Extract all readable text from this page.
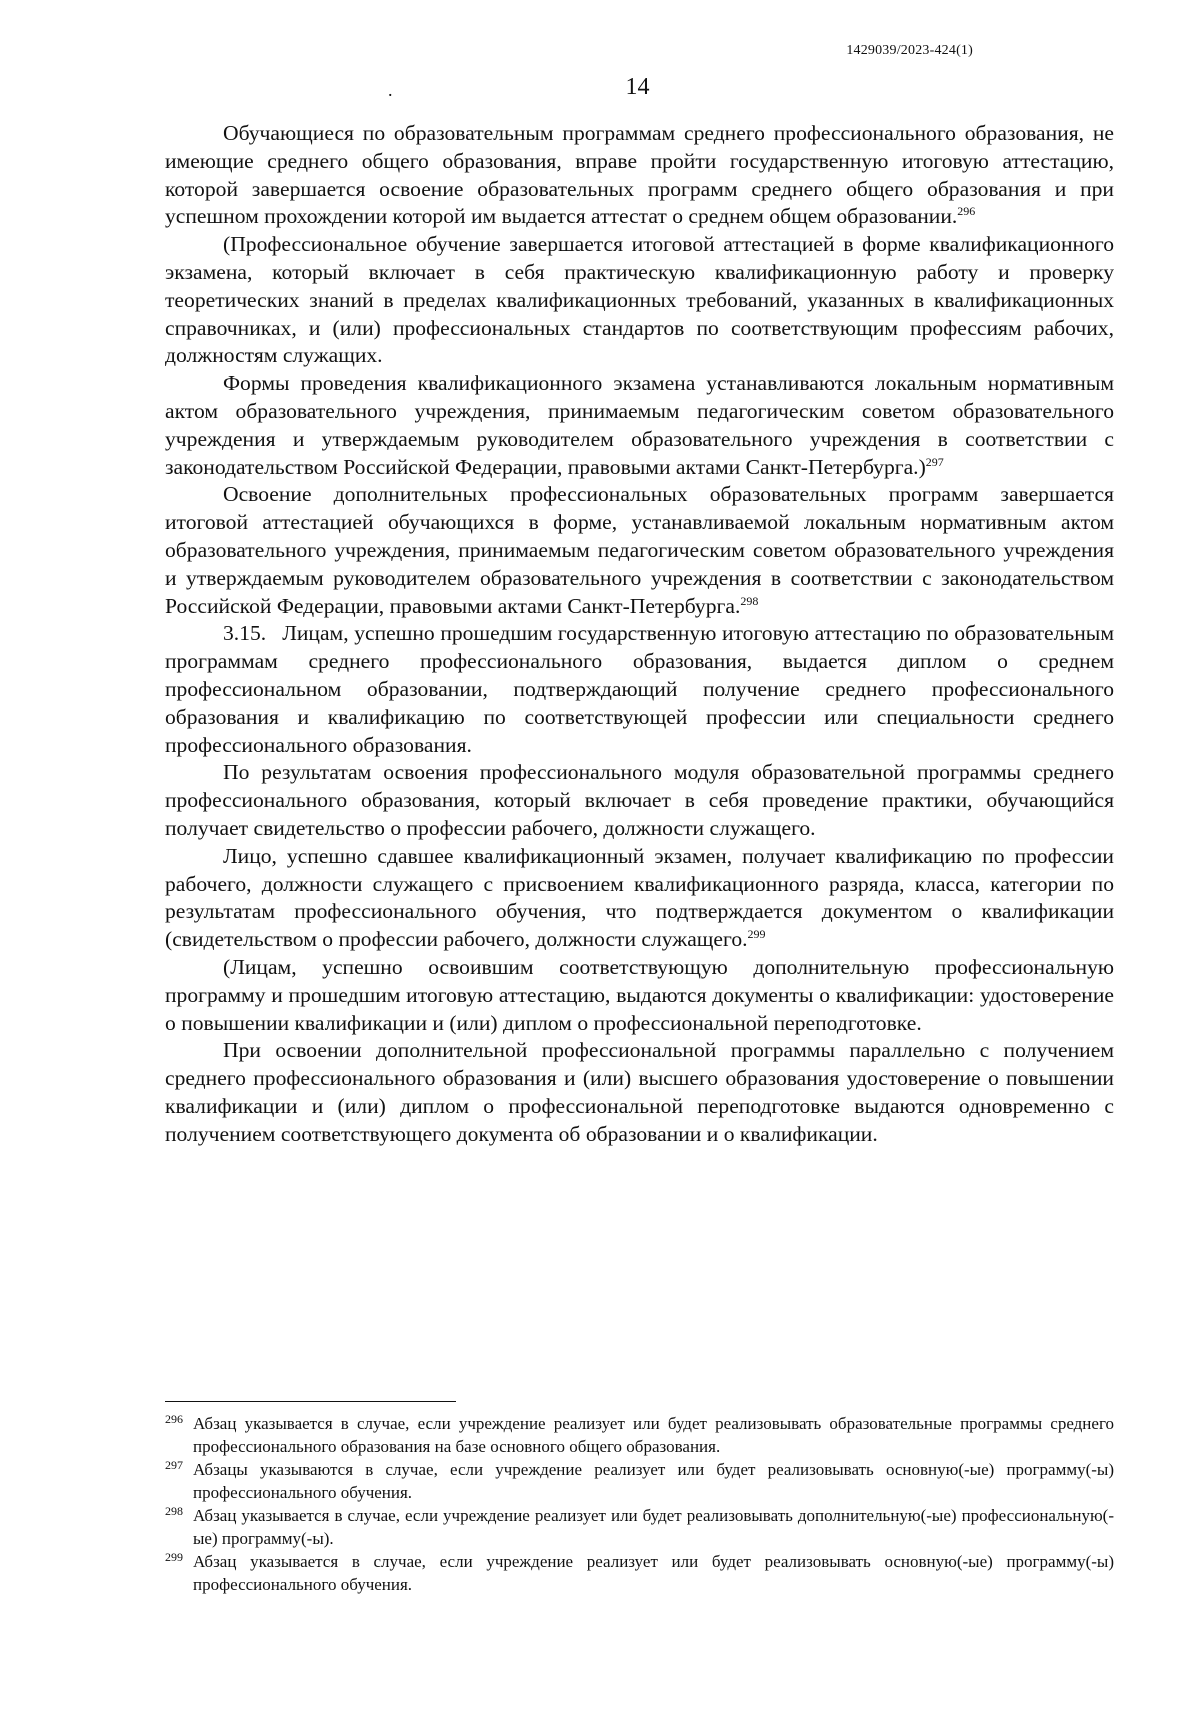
1429039/2023-424(1)
.	14

Обучающиеся по образовательным программам среднего профессионального образования, не имеющие среднего общего образования, вправе пройти государственную итоговую аттестацию, которой завершается освоение образовательных программ среднего общего образования и при успешном прохождении которой им выдается аттестат о среднем общем образовании.$^{296}$

(Профессиональное обучение завершается итоговой аттестацией в форме квалификационного экзамена, который включает в себя практическую квалификационную работу и проверку теоретических знаний в пределах квалификационных требований, указанных в квалификационных справочниках, и (или) профессиональных стандартов по соответствующим профессиям рабочих, должностям служащих.

Формы проведения квалификационного экзамена устанавливаются локальным нормативным актом образовательного учреждения, принимаемым педагогическим советом образовательного учреждения и утверждаемым руководителем образовательного учреждения в соответствии с законодательством Российской Федерации, правовыми актами Санкт-Петербурга.)$^{297}$

Освоение дополнительных профессиональных образовательных программ завершается итоговой аттестацией обучающихся в форме, устанавливаемой локальным нормативным актом образовательного учреждения, принимаемым педагогическим советом образовательного учреждения и утверждаемым руководителем образовательного учреждения в соответствии с законодательством Российской Федерации, правовыми актами Санкт-Петербурга.$^{298}$

3.15. Лицам, успешно прошедшим государственную итоговую аттестацию по образовательным программам среднего профессионального образования, выдается диплом о среднем профессиональном образовании, подтверждающий получение среднего профессионального образования и квалификацию по соответствующей профессии или специальности среднего профессионального образования.

По результатам освоения профессионального модуля образовательной программы среднего профессионального образования, который включает в себя проведение практики, обучающийся получает свидетельство о профессии рабочего, должности служащего.

Лицо, успешно сдавшее квалификационный экзамен, получает квалификацию по профессии рабочего, должности служащего с присвоением квалификационного разряда, класса, категории по результатам профессионального обучения, что подтверждается документом о квалификации (свидетельством о профессии рабочего, должности служащего.$^{299}$

(Лицам, успешно освоившим соответствующую дополнительную профессиональную программу и прошедшим итоговую аттестацию, выдаются документы о квалификации: удостоверение о повышении квалификации и (или) диплом о профессиональной переподготовке.

При освоении дополнительной профессиональной программы параллельно с получением среднего профессионального образования и (или) высшего образования удостоверение о повышении квалификации и (или) диплом о профессиональной переподготовке выдаются одновременно с получением соответствующего документа об образовании и о квалификации.

296 Абзац указывается в случае, если учреждение реализует или будет реализовывать образовательные программы среднего профессионального образования на базе основного общего образования.

297 Абзацы указываются в случае, если учреждение реализует или будет реализовывать основную(-ые) программу(-ы) профессионального обучения.

298 Абзац указывается в случае, если учреждение реализует или будет реализовывать дополнительную(-ые) профессиональную(-ые) программу(-ы).

299 Абзац указывается в случае, если учреждение реализует или будет реализовывать основную(-ые) программу(-ы) профессионального обучения.
